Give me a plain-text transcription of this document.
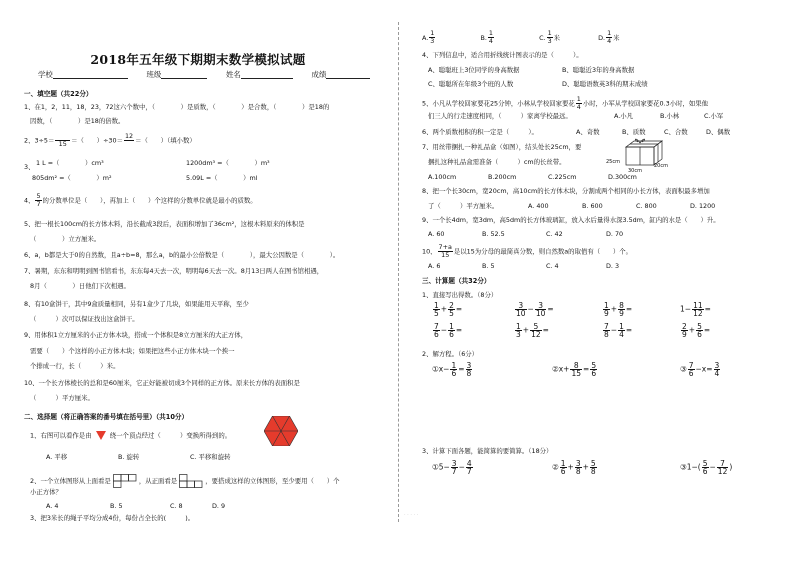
2018年五年级下期期末数学模拟试题
学校	班级	姓名	成绩
一、填空题（共22分）
1、在1，2，11，18，23，72这六个数中，（　　　　）是质数，（　　　　）是合数，（　　　　）是18的
因数，（　　　　）是18的倍数。
2、3÷5＝
　　 15 ＝（　　）÷30＝
12

＝（　　）（填小数）
3、 1 L =（　　　　）cm³	1200dm³ =（　　　　）m³
805dm² =（　　　　）m²	5.09L =（　　　　）ml
4、 $\frac{5}{7}$ 的分数单位是（　　），再加上（　　）个这样的分数单位就是最小的质数。
5、把一根长100cm的长方体木料，沿长截成3段后，表面积增加了36cm²，这根木料原来的体积是
（　　　　）立方厘米。
6、a，b都是大于0的自然数，且a÷b=8，那么a，b的最小公倍数是（　　　　），最大公因数是（　　　　）。
7、暑期，东东和明明到图书馆看书，东东每4天去一次，明明每6天去一次。8月13日两人在图书馆相遇，
8月（　　　　）日他们下次相遇。
8、有10盒饼干，其中9盒质量相同，另有1盒少了几块，如果能用天平称，至少
（　　　）次可以保证找出这盒饼干。
9、用体积1立方厘米的小正方体木块，搭成一个体积是8立方厘米的大正方体，
需要（　　）个这样的小正方体木块；如果把这些小正方体木块一个挨一
个排成一行，长（　　　）米。
10、一个长方体棱长的总和是60厘米，它正好能被切成3个同样的正方体。原来长方体的表面积是
（　　　）平方厘米。
二、选择题（将正确答案的番号填在括号里）（共10分）
1、右图可以看作是由	绕一个顶点经过（　　　）变换所得到的。
A. 平移	B. 旋转	C. 平移和旋转
2、一个立体图形从上面看是	，从正面看是	，要搭成这样的立体图形，至少要用（　　）个
小正方体？
A. 4	B. 5	C. 8	D. 9
3、把3米长的绳子平均分成4份，每份占全长的(　　　)。
A. $\frac{1}{3}$	B. $\frac{1}{4}$	C. $\frac{1}{3}$ 米	D. $\frac{1}{4}$ 米
4、下列信息中，适合用折线统计图表示的是（　　　）。
A、聪聪班上3位同学的身高数据	B、聪聪近3年的身高数据
C、聪聪所在年级3个班的人数	D、聪聪语数英3科的期末成绩
5、小凡从学校回家要花25分钟，小林从学校回家要花 $\frac{1}{4}$ 小时，小军从学校回家要花0.3小时，如果他
们三人的行走速度相同，（　　　）家离学校最远。	A.小凡	B.小林	C.小军
6、两个质数相积的积一定是（　　　）。	A、奇数	B、质数	C、合数	D、偶数
7、用丝带捆扎一种礼品盒（如图），结头处长25cm，要
捆扎这种礼品盒需准备（　　　）cm的长丝带。	25cm
20cm
30cm
A.100cm	B.200cm	C.225cm	D.300cm
8、把一个长30cm，宽20cm，高10cm的长方体木块，分割成两个相同的小长方体，表面积最多增加
了（　　　）平方厘米。	A. 400	B. 600	C. 800	D. 1200
9、一个长4dm，宽3dm，高5dm的长方体玻璃缸，放入水后量得水深3.5dm，缸内的水是（　　）升。
A. 60	B. 52.5	C. 42	D. 70
10、 $\frac{7+a}{15}$ 是以15为分母的最简真分数，则自然数a的取值有（　　）个。
A. 6	B. 5	C. 4	D. 3
三、计算题（共32分）
1、直接写出得数。（8分）
$\frac{1}{5} + \frac{2}{5}$ =	$\frac{3}{10} - \frac{3}{10}$ =	$\frac{1}{9} + \frac{8}{9}$ =	$1- \frac{11}{12}$ =
$\frac{7}{6} - \frac{1}{6}$ =	$\frac{1}{3} + \frac{5}{12}$ =	$\frac{7}{8} - \frac{1}{4}$ =	$\frac{2}{9} + \frac{5}{6}$ =
2、解方程。（6分）
①x− $\frac{1}{6} = \frac{3}{8}$	②x+ $\frac{8}{15} = \frac{5}{6}$	③ $\frac{7}{6} -x= \frac{3}{4}$
3、计算下面各题，能简算的要简算。（18分）
①5− $\frac{3}{7} - \frac{4}{7}$	② $\frac{1}{6} + \frac{3}{8} + \frac{5}{8}$	③1−( $\frac{5}{6} - \frac{7}{12}$ )
· · · · ·
